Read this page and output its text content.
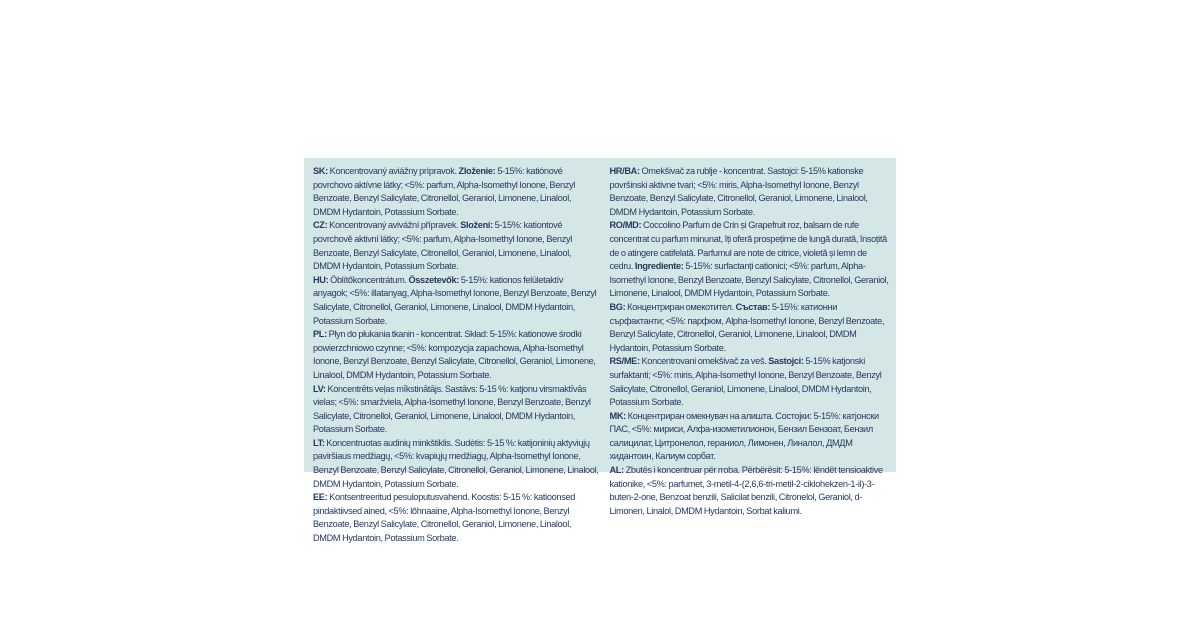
SK: Koncentrovaný aviážny prípravok. Zloženie: 5-15%: katiónové povrchovo aktívne látky; <5%: parfum, Alpha-Isomethyl Ionone, Benzyl Benzoate, Benzyl Salicylate, Citronellol, Geraniol, Limonene, Linalool, DMDM Hydantoin, Potassium Sorbate.

CZ: Koncentrovaný avivážní přípravek. Složení: 5-15%: kationtové povrchově aktivní látky; <5%: parfum, Alpha-Isomethyl Ionone, Benzyl Benzoate, Benzyl Salicylate, Citronellol, Geraniol, Limonene, Linalool, DMDM Hydantoin, Potassium Sorbate.

HU: Öblítőkoncentrátum. Összetevők: 5-15%: kationos felületaktív anyagok; <5%: illatanyag, Alpha-Isomethyl Ionone, Benzyl Benzoate, Benzyl Salicylate, Citronellol, Geraniol, Limonene, Linalool, DMDM Hydantoin, Potassium Sorbate.

PL: Płyn do płukania tkanin - koncentrat. Skład: 5-15%: kationowe środki powierzchniowo czynne; <5%: kompozycja zapachowa, Alpha-Isomethyl Ionone, Benzyl Benzoate, Benzyl Salicylate, Citronellol, Geraniol, Limonene, Linalool, DMDM Hydantoin, Potassium Sorbate.

LV: Koncentrēts veļas mīkstinātājs. Sastāvs: 5-15 %: katjonu virsmaktīvās vielas; <5%: smaržviela, Alpha-Isomethyl Ionone, Benzyl Benzoate, Benzyl Salicylate, Citronellol, Geraniol, Limonene, Linalool, DMDM Hydantoin, Potassium Sorbate.

LT: Koncentruotas audinių minkštiklis. Sudėtis: 5-15 %: katijoninių aktyviųjų paviršiaus medžiagų, <5%: kvapiųjų medžiagų, Alpha-Isomethyl Ionone, Benzyl Benzoate, Benzyl Salicylate, Citronellol, Geraniol, Limonene, Linalool, DMDM Hydantoin, Potassium Sorbate.

EE: Kontsentreeritud pesuloputusvahend. Koostis: 5-15 %: katioonsed pindaktiivsed ained, <5%: lõhnaaine, Alpha-Isomethyl Ionone, Benzyl Benzoate, Benzyl Salicylate, Citronellol, Geraniol, Limonene, Linalool, DMDM Hydantoin, Potassium Sorbate.

HR/BA: Omekšivač za rublje - koncentrat. Sastojci: 5-15% kationske površinski aktivne tvari; <5%: miris, Alpha-Isomethyl Ionone, Benzyl Benzoate, Benzyl Salicylate, Citronellol, Geraniol, Limonene, Linalool, DMDM Hydantoin, Potassium Sorbate.

RO/MD: Coccolino Parfum de Crin și Grapefruit roz, balsam de rufe concentrat cu parfum minunat, îți oferă prospețime de lungă durată, însoțită de o atingere catifelată. Parfumul are note de citrice, violetă și lemn de cedru. Ingrediente: 5-15%: surfactanți cationici; <5%: parfum, Alpha-Isomethyl Ionone, Benzyl Benzoate, Benzyl Salicylate, Citronellol, Geraniol, Limonene, Linalool, DMDM Hydantoin, Potassium Sorbate.

BG: Концентриран омекотител. Състав: 5-15%: катионни сърфактанти; <5%: парфюм, Alpha-Isomethyl Ionone, Benzyl Benzoate, Benzyl Salicylate, Citronellol, Geraniol, Limonene, Linalool, DMDM Hydantoin, Potassium Sorbate.

RS/ME: Koncentrovani omekšivač za veš. Sastojci: 5-15% katjonski surfaktanti; <5%: miris, Alpha-Isomethyl Ionone, Benzyl Benzoate, Benzyl Salicylate, Citronellol, Geraniol, Limonene, Linalool, DMDM Hydantoin, Potassium Sorbate.

MK: Концентриран омекнувач на алишта. Состојки: 5-15%: катјонски ПАС, <5%: мириси, Алфа-изометилионон, Бензил Бензоат, Бензил салицилат, Цитронелол, гераниол, Лимонен, Линалол, ДМДМ хидантоин, Калиум сорбат.

AL: Zbutës i koncentruar për rroba. Përbërësit: 5-15%: lëndët tensioaktive kationike, <5%: parfumet, 3-metil-4-(2,6,6-tri-metil-2-ciklohekzen-1-il)-3-buten-2-one, Benzoat benzili, Salicilat benzili, Citronelol, Geraniol, d-Limonen, Linalol, DMDM Hydantoin, Sorbat kaliumi.
